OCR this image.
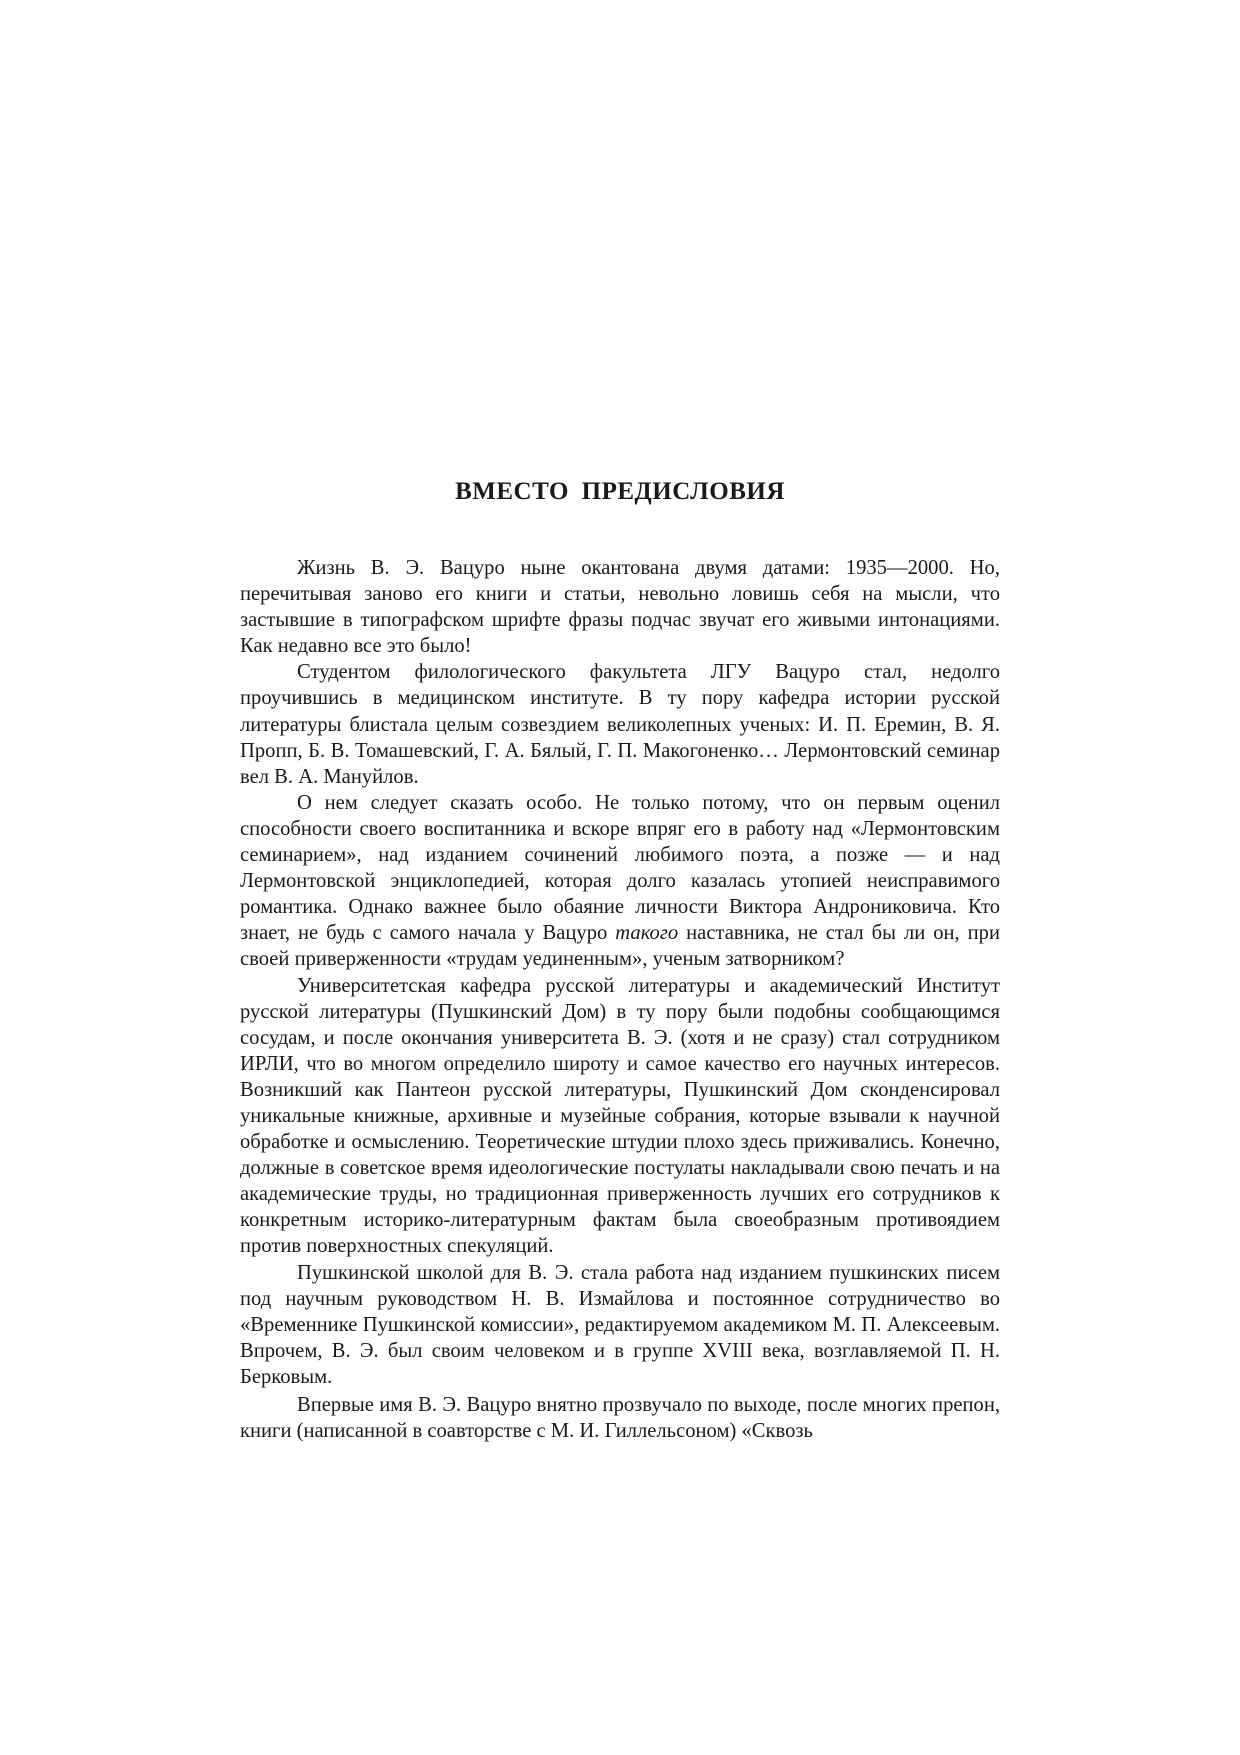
ВМЕСТО ПРЕДИСЛОВИЯ

Жизнь В. Э. Вацуро ныне окантована двумя датами: 1935—2000. Но, перечитывая заново его книги и статьи, невольно ловишь себя на мысли, что застывшие в типографском шрифте фразы подчас звучат его живыми интонациями. Как недавно все это было!

Студентом филологического факультета ЛГУ Вацуро стал, недолго проучившись в медицинском институте. В ту пору кафедра истории русской литературы блистала целым созвездием великолепных ученых: И. П. Еремин, В. Я. Пропп, Б. В. Томашевский, Г. А. Бялый, Г. П. Макогоненко… Лермонтовский семинар вел В. А. Мануйлов.

О нем следует сказать особо. Не только потому, что он первым оценил способности своего воспитанника и вскоре впряг его в работу над «Лермонтовским семинарием», над изданием сочинений любимого поэта, а позже — и над Лермонтовской энциклопедией, которая долго казалась утопией неисправимого романтика. Однако важнее было обаяние личности Виктора Андрониковича. Кто знает, не будь с самого начала у Вацуро такого наставника, не стал бы ли он, при своей приверженности «трудам уединенным», ученым затворником?

Университетская кафедра русской литературы и академический Институт русской литературы (Пушкинский Дом) в ту пору были подобны сообщающимся сосудам, и после окончания университета В. Э. (хотя и не сразу) стал сотрудником ИРЛИ, что во многом определило широту и самое качество его научных интересов. Возникший как Пантеон русской литературы, Пушкинский Дом сконденсировал уникальные книжные, архивные и музейные собрания, которые взывали к научной обработке и осмыслению. Теоретические штудии плохо здесь приживались. Конечно, должные в советское время идеологические постулаты накладывали свою печать и на академические труды, но традиционная приверженность лучших его сотрудников к конкретным историко-литературным фактам была своеобразным противоядием против поверхностных спекуляций.

Пушкинской школой для В. Э. стала работа над изданием пушкинских писем под научным руководством Н. В. Измайлова и постоянное сотрудничество во «Временнике Пушкинской комиссии», редактируемом академиком М. П. Алексеевым. Впрочем, В. Э. был своим человеком и в группе XVIII века, возглавляемой П. Н. Берковым.

Впервые имя В. Э. Вацуро внятно прозвучало по выходе, после многих препон, книги (написанной в соавторстве с М. И. Гиллельсоном) «Сквозь
